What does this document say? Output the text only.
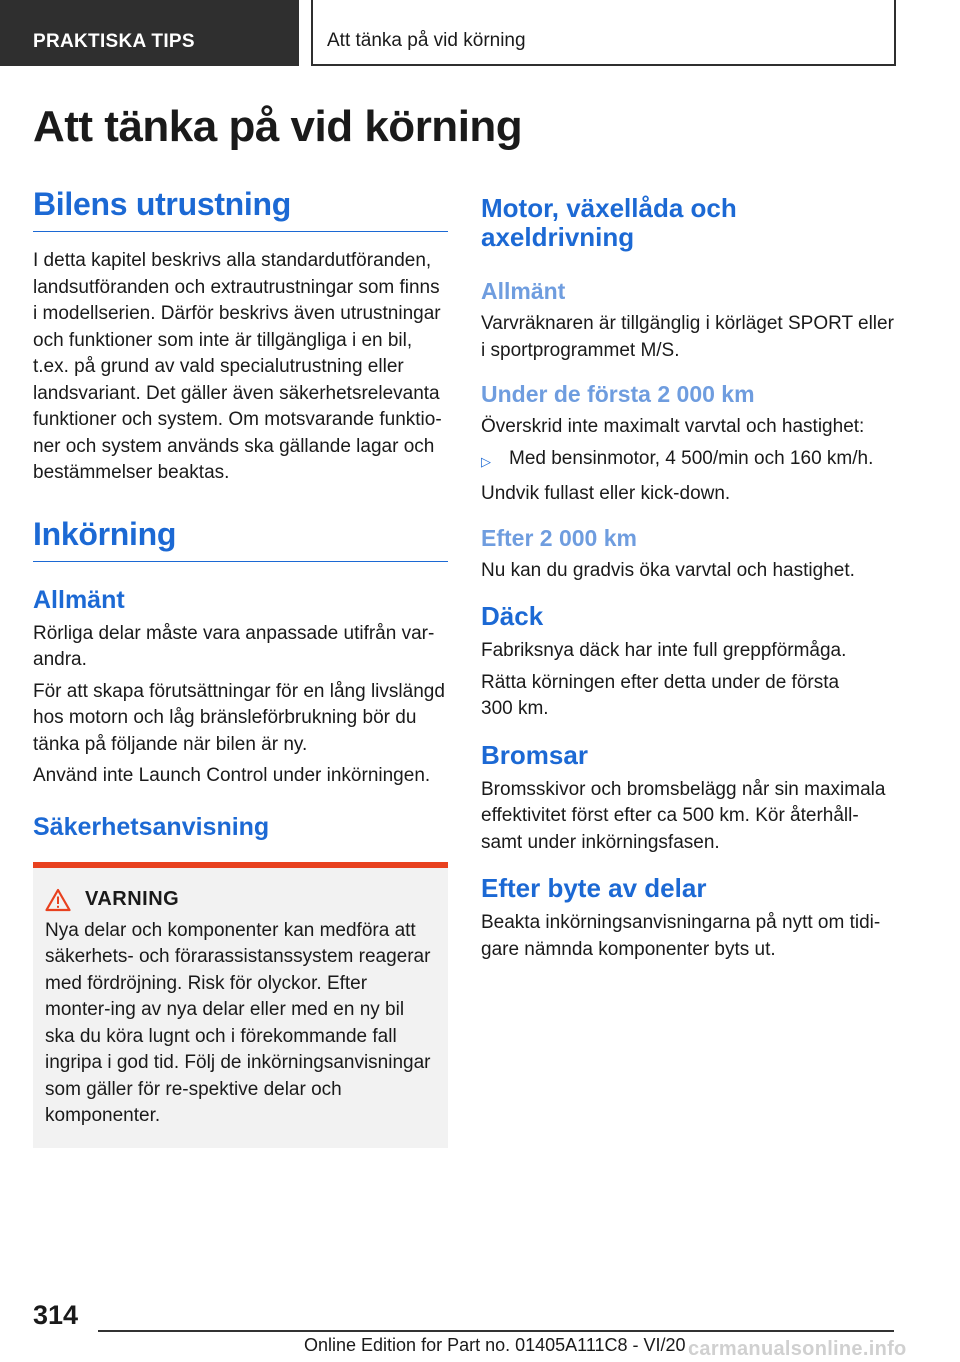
PRAKTISKA TIPS	Att tänka på vid körning
Att tänka på vid körning
Bilens utrustning

I detta kapitel beskrivs alla standardutföranden, landsutföranden och extrautrustningar som finns i modellserien. Därför beskrivs även utrustningar och funktioner som inte är tillgängliga i en bil, t.ex. på grund av vald specialutrustning eller landsvariant. Det gäller även säkerhetsrelevanta funktioner och system. Om motsvarande funktio‐ner och system används ska gällande lagar och bestämmelser beaktas.

Inkörning
Allmänt

Rörliga delar måste vara anpassade utifrån var‐andra.

För att skapa förutsättningar för en lång livslängd hos motorn och låg bränsleförbrukning bör du tänka på följande när bilen är ny.

Använd inte Launch Control under inkörningen.

Säkerhetsanvisning
VARNING

Nya delar och komponenter kan medföra att säkerhets- och förarassistanssystem reagerar med fördröjning. Risk för olyckor. Efter monter‐ing av nya delar eller med en ny bil ska du köra lugnt och i förekommande fall ingripa i god tid. Följ de inkörningsanvisningar som gäller för re‐spektive delar och komponenter.

Motor, växellåda och axeldrivning
Allmänt

Varvräknaren är tillgänglig i körläget SPORT eller i sportprogrammet M/S.

Under de första 2 000 km

Överskrid inte maximalt varvtal och hastighet:

▷ Med bensinmotor, 4 500/min och 160 km/h.

Undvik fullast eller kick-down.

Efter 2 000 km

Nu kan du gradvis öka varvtal och hastighet.

Däck

Fabriksnya däck har inte full greppförmåga.

Rätta körningen efter detta under de första 300 km.

Bromsar

Bromsskivor och bromsbelägg når sin maximala effektivitet först efter ca 500 km. Kör återhåll‐samt under inkörningsfasen.

Efter byte av delar

Beakta inkörningsanvisningarna på nytt om tidi‐gare nämnda komponenter byts ut.

314
Online Edition for Part no. 01405A111C8 - VI/20 carmanualsonline.info
